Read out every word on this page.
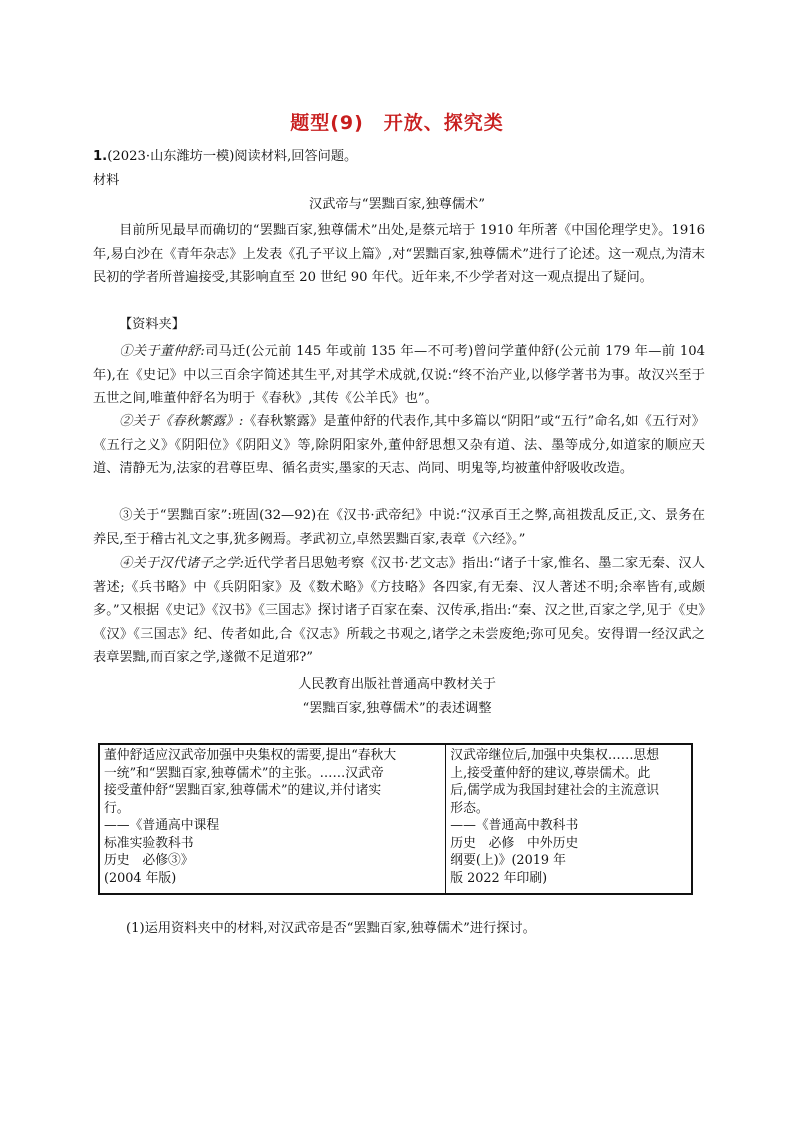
题型(9)　开放、探究类
1.(2023·山东潍坊一模)阅读材料,回答问题。
材料
汉武帝与“罢黜百家,独尊儒术”
目前所见最早而确切的“罢黜百家,独尊儒术”出处,是蔡元培于 1910 年所著《中国伦理学史》。1916 年,易白沙在《青年杂志》上发表《孔子平议上篇》,对“罢黜百家,独尊儒术”进行了论述。这一观点,为清末民初的学者所普遍接受,其影响直至 20 世纪 90 年代。近年来,不少学者对这一观点提出了疑问。
【资料夹】
①关于董仲舒:司马迁(公元前 145 年或前 135 年—不可考)曾问学董仲舒(公元前 179 年—前 104 年),在《史记》中以三百余字简述其生平,对其学术成就,仅说:“终不治产业,以修学著书为事。故汉兴至于五世之间,唯董仲舒名为明于《春秋》,其传《公羊氏》也”。
②关于《春秋繁露》:《春秋繁露》是董仲舒的代表作,其中多篇以“阴阳”或“五行”命名,如《五行对》《五行之义》《阴阳位》《阴阳义》等,除阴阳家外,董仲舒思想又杂有道、法、墨等成分,如道家的顺应天道、清静无为,法家的君尊臣卑、循名责实,墨家的天志、尚同、明鬼等,均被董仲舒吸收改造。
③关于“罢黜百家”:班固(32—92)在《汉书·武帝纪》中说:“汉承百王之弊,高祖拨乱反正,文、景务在养民,至于稽古礼文之事,犹多阙焉。孝武初立,卓然罢黜百家,表章《六经》。”
④关于汉代诸子之学:近代学者吕思勉考察《汉书·艺文志》指出:“诸子十家,惟名、墨二家无秦、汉人著述;《兵书略》中《兵阴阳家》及《数术略》《方技略》各四家,有无秦、汉人著述不明;余率皆有,或颇多。”又根据《史记》《汉书》《三国志》探讨诸子百家在秦、汉传承,指出:“秦、汉之世,百家之学,见于《史》《汉》《三国志》纪、传者如此,合《汉志》所载之书观之,诸学之未尝废绝;弥可见矣。安得谓一经汉武之表章罢黜,而百家之学,遂微不足道邪?”
人民教育出版社普通高中教材关于
“罢黜百家,独尊儒术”的表述调整
董仲舒适应汉武帝加强中央集权的需要,提出“春秋大
一统”和“罢黜百家,独尊儒术”的主张。……汉武帝
接受董仲舒“罢黜百家,独尊儒术”的建议,并付诸实
行。
——《普通高中课程
标准实验教科书
历史　必修③》
(2004 年版)

汉武帝继位后,加强中央集权……思想
上,接受董仲舒的建议,尊崇儒术。此
后,儒学成为我国封建社会的主流意识
形态。
——《普通高中教科书
历史　必修　中外历史
纲要(上)》(2019 年
版 2022 年印刷)
(1)运用资料夹中的材料,对汉武帝是否“罢黜百家,独尊儒术”进行探讨。
